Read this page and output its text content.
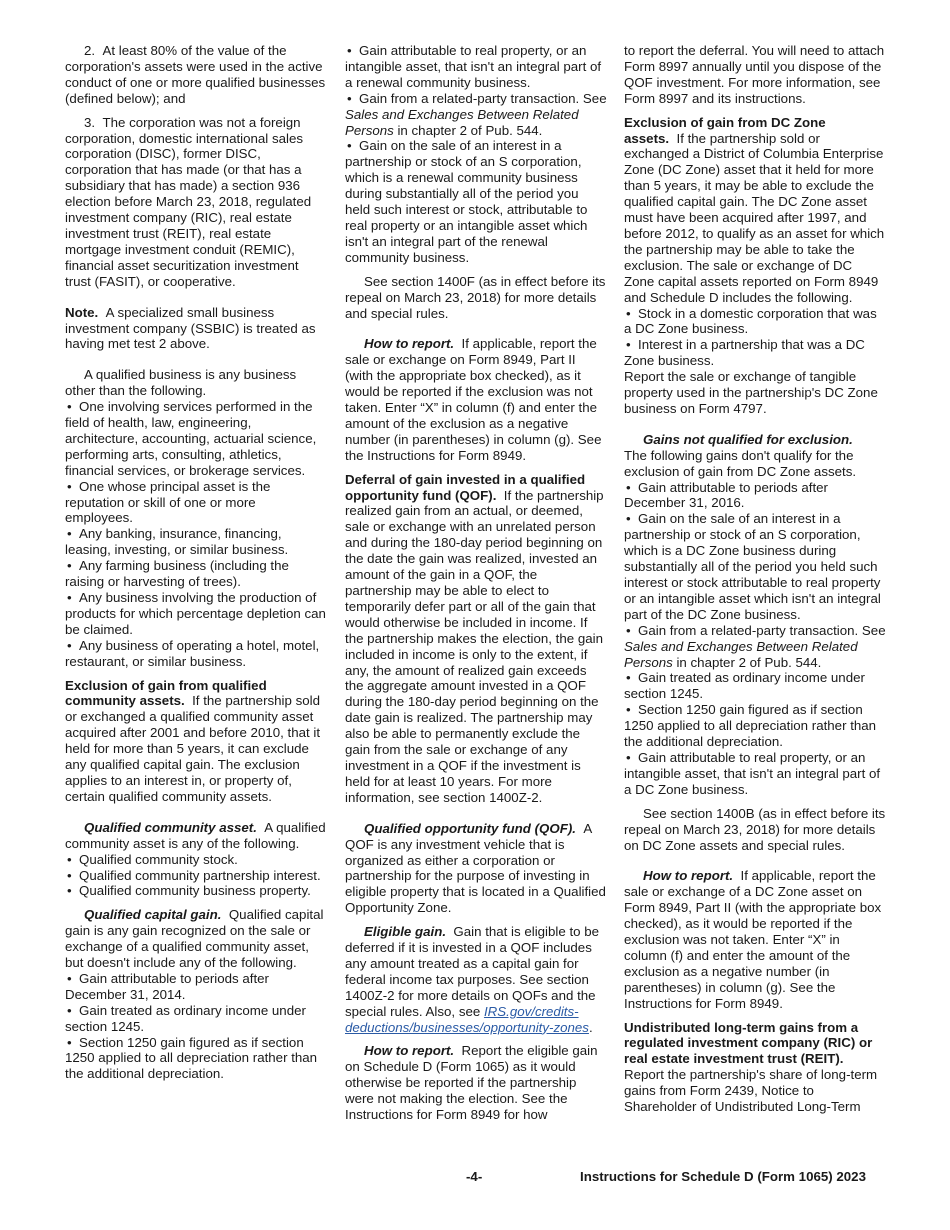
2.  At least 80% of the value of the corporation's assets were used in the active conduct of one or more qualified businesses (defined below); and

3.  The corporation was not a foreign corporation, domestic international sales corporation (DISC), former DISC, corporation that has made (or that has a subsidiary that has made) a section 936 election before March 23, 2018, regulated investment company (RIC), real estate investment trust (REIT), real estate mortgage investment conduit (REMIC), financial asset securitization investment trust (FASIT), or cooperative.

Note. A specialized small business investment company (SSBIC) is treated as having met test 2 above.

A qualified business is any business other than the following.

• One involving services performed in the field of health, law, engineering, architecture, accounting, actuarial science, performing arts, consulting, athletics, financial services, or brokerage services.

• One whose principal asset is the reputation or skill of one or more employees.

• Any banking, insurance, financing, leasing, investing, or similar business.

• Any farming business (including the raising or harvesting of trees).

• Any business involving the production of products for which percentage depletion can be claimed.

• Any business of operating a hotel, motel, restaurant, or similar business.

Exclusion of gain from qualified community assets. If the partnership sold or exchanged a qualified community asset acquired after 2001 and before 2010, that it held for more than 5 years, it can exclude any qualified capital gain. The exclusion applies to an interest in, or property of, certain qualified community assets.

Qualified community asset. A qualified community asset is any of the following.

• Qualified community stock.

• Qualified community partnership interest.

• Qualified community business property.

Qualified capital gain. Qualified capital gain is any gain recognized on the sale or exchange of a qualified community asset, but doesn't include any of the following.

• Gain attributable to periods after December 31, 2014.

• Gain treated as ordinary income under section 1245.

• Section 1250 gain figured as if section 1250 applied to all depreciation rather than the additional depreciation.

• Gain attributable to real property, or an intangible asset, that isn't an integral part of a renewal community business.

• Gain from a related-party transaction. See Sales and Exchanges Between Related Persons in chapter 2 of Pub. 544.

• Gain on the sale of an interest in a partnership or stock of an S corporation, which is a renewal community business during substantially all of the period you held such interest or stock, attributable to real property or an intangible asset which isn't an integral part of the renewal community business.

See section 1400F (as in effect before its repeal on March 23, 2018) for more details and special rules.

How to report. If applicable, report the sale or exchange on Form 8949, Part II (with the appropriate box checked), as it would be reported if the exclusion was not taken. Enter “X” in column (f) and enter the amount of the exclusion as a negative number (in parentheses) in column (g). See the Instructions for Form 8949.

Deferral of gain invested in a qualified opportunity fund (QOF). If the partnership realized gain from an actual, or deemed, sale or exchange with an unrelated person and during the 180-day period beginning on the date the gain was realized, invested an amount of the gain in a QOF, the partnership may be able to elect to temporarily defer part or all of the gain that would otherwise be included in income. If the partnership makes the election, the gain included in income is only to the extent, if any, the amount of realized gain exceeds the aggregate amount invested in a QOF during the 180-day period beginning on the date gain is realized. The partnership may also be able to permanently exclude the gain from the sale or exchange of any investment in a QOF if the investment is held for at least 10 years. For more information, see section 1400Z-2.

Qualified opportunity fund (QOF). A QOF is any investment vehicle that is organized as either a corporation or partnership for the purpose of investing in eligible property that is located in a Qualified Opportunity Zone.

Eligible gain. Gain that is eligible to be deferred if it is invested in a QOF includes any amount treated as a capital gain for federal income tax purposes. See section 1400Z-2 for more details on QOFs and the special rules. Also, see IRS.gov/credits-deductions/businesses/opportunity-zones.

How to report. Report the eligible gain on Schedule D (Form 1065) as it would otherwise be reported if the partnership were not making the election. See the Instructions for Form 8949 for how

to report the deferral. You will need to attach Form 8997 annually until you dispose of the QOF investment. For more information, see Form 8997 and its instructions.

Exclusion of gain from DC Zone assets. If the partnership sold or exchanged a District of Columbia Enterprise Zone (DC Zone) asset that it held for more than 5 years, it may be able to exclude the qualified capital gain. The DC Zone asset must have been acquired after 1997, and before 2012, to qualify as an asset for which the partnership may be able to take the exclusion. The sale or exchange of DC Zone capital assets reported on Form 8949 and Schedule D includes the following.

• Stock in a domestic corporation that was a DC Zone business.

• Interest in a partnership that was a DC Zone business.

Report the sale or exchange of tangible property used in the partnership's DC Zone business on Form 4797.

Gains not qualified for exclusion.

The following gains don't qualify for the exclusion of gain from DC Zone assets.

• Gain attributable to periods after December 31, 2016.

• Gain on the sale of an interest in a partnership or stock of an S corporation, which is a DC Zone business during substantially all of the period you held such interest or stock attributable to real property or an intangible asset which isn't an integral part of the DC Zone business.

• Gain from a related-party transaction. See Sales and Exchanges Between Related Persons in chapter 2 of Pub. 544.

• Gain treated as ordinary income under section 1245.

• Section 1250 gain figured as if section 1250 applied to all depreciation rather than the additional depreciation.

• Gain attributable to real property, or an intangible asset, that isn't an integral part of a DC Zone business.

See section 1400B (as in effect before its repeal on March 23, 2018) for more details on DC Zone assets and special rules.

How to report. If applicable, report the sale or exchange of a DC Zone asset on Form 8949, Part II (with the appropriate box checked), as it would be reported if the exclusion was not taken. Enter “X” in column (f) and enter the amount of the exclusion as a negative number (in parentheses) in column (g). See the Instructions for Form 8949.

Undistributed long-term gains from a regulated investment company (RIC) or real estate investment trust (REIT).

Report the partnership's share of long-term gains from Form 2439, Notice to Shareholder of Undistributed Long-Term

-4-	Instructions for Schedule D (Form 1065) 2023
